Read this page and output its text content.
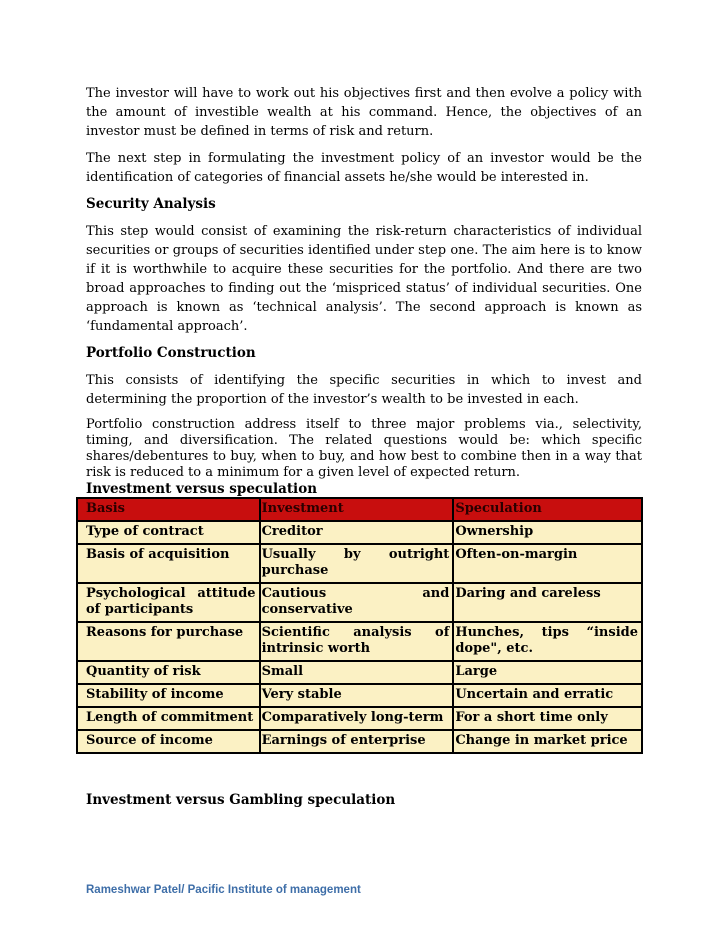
The investor will have to work out his objectives first and then evolve a policy with the amount of investible wealth at his command. Hence, the objectives of an investor must be defined in terms of risk and return.

The next step in formulating the investment policy of an investor would be the identification of categories of financial assets he/she would be interested in.

Security Analysis

This step would consist of examining the risk-return characteristics of individual securities or groups of securities identified under step one. The aim here is to know if it is worthwhile to acquire these securities for the portfolio. And there are two broad approaches to finding out the ‘mispriced status’ of individual securities. One approach is known as ‘technical analysis’. The second approach is known as ‘fundamental approach’.

Portfolio Construction

This consists of identifying the specific securities in which to invest and determining the proportion of the investor’s wealth to be invested in each.

Portfolio construction address itself to three major problems via., selectivity, timing, and diversification. The related questions would be: which specific shares/debentures to buy, when to buy, and how best to combine then in a way that risk is reduced to a minimum for a given level of expected return.

Investment versus speculation
Basis	Investment	Speculation
Type of contract	Creditor	Ownership
Basis of acquisition	Usually by outright purchase	Often-on-margin
Psychological attitude of participants	Cautious and conservative	Daring and careless
Reasons for purchase	Scientific analysis of intrinsic worth	Hunches, tips “inside dope", etc.
Quantity of risk	Small	Large
Stability of income	Very stable	Uncertain and erratic
Length of commitment	Comparatively long-term	For a short time only
Source of income	Earnings of enterprise	Change in market price
Investment versus Gambling speculation
Rameshwar Patel/ Pacific Institute of management
